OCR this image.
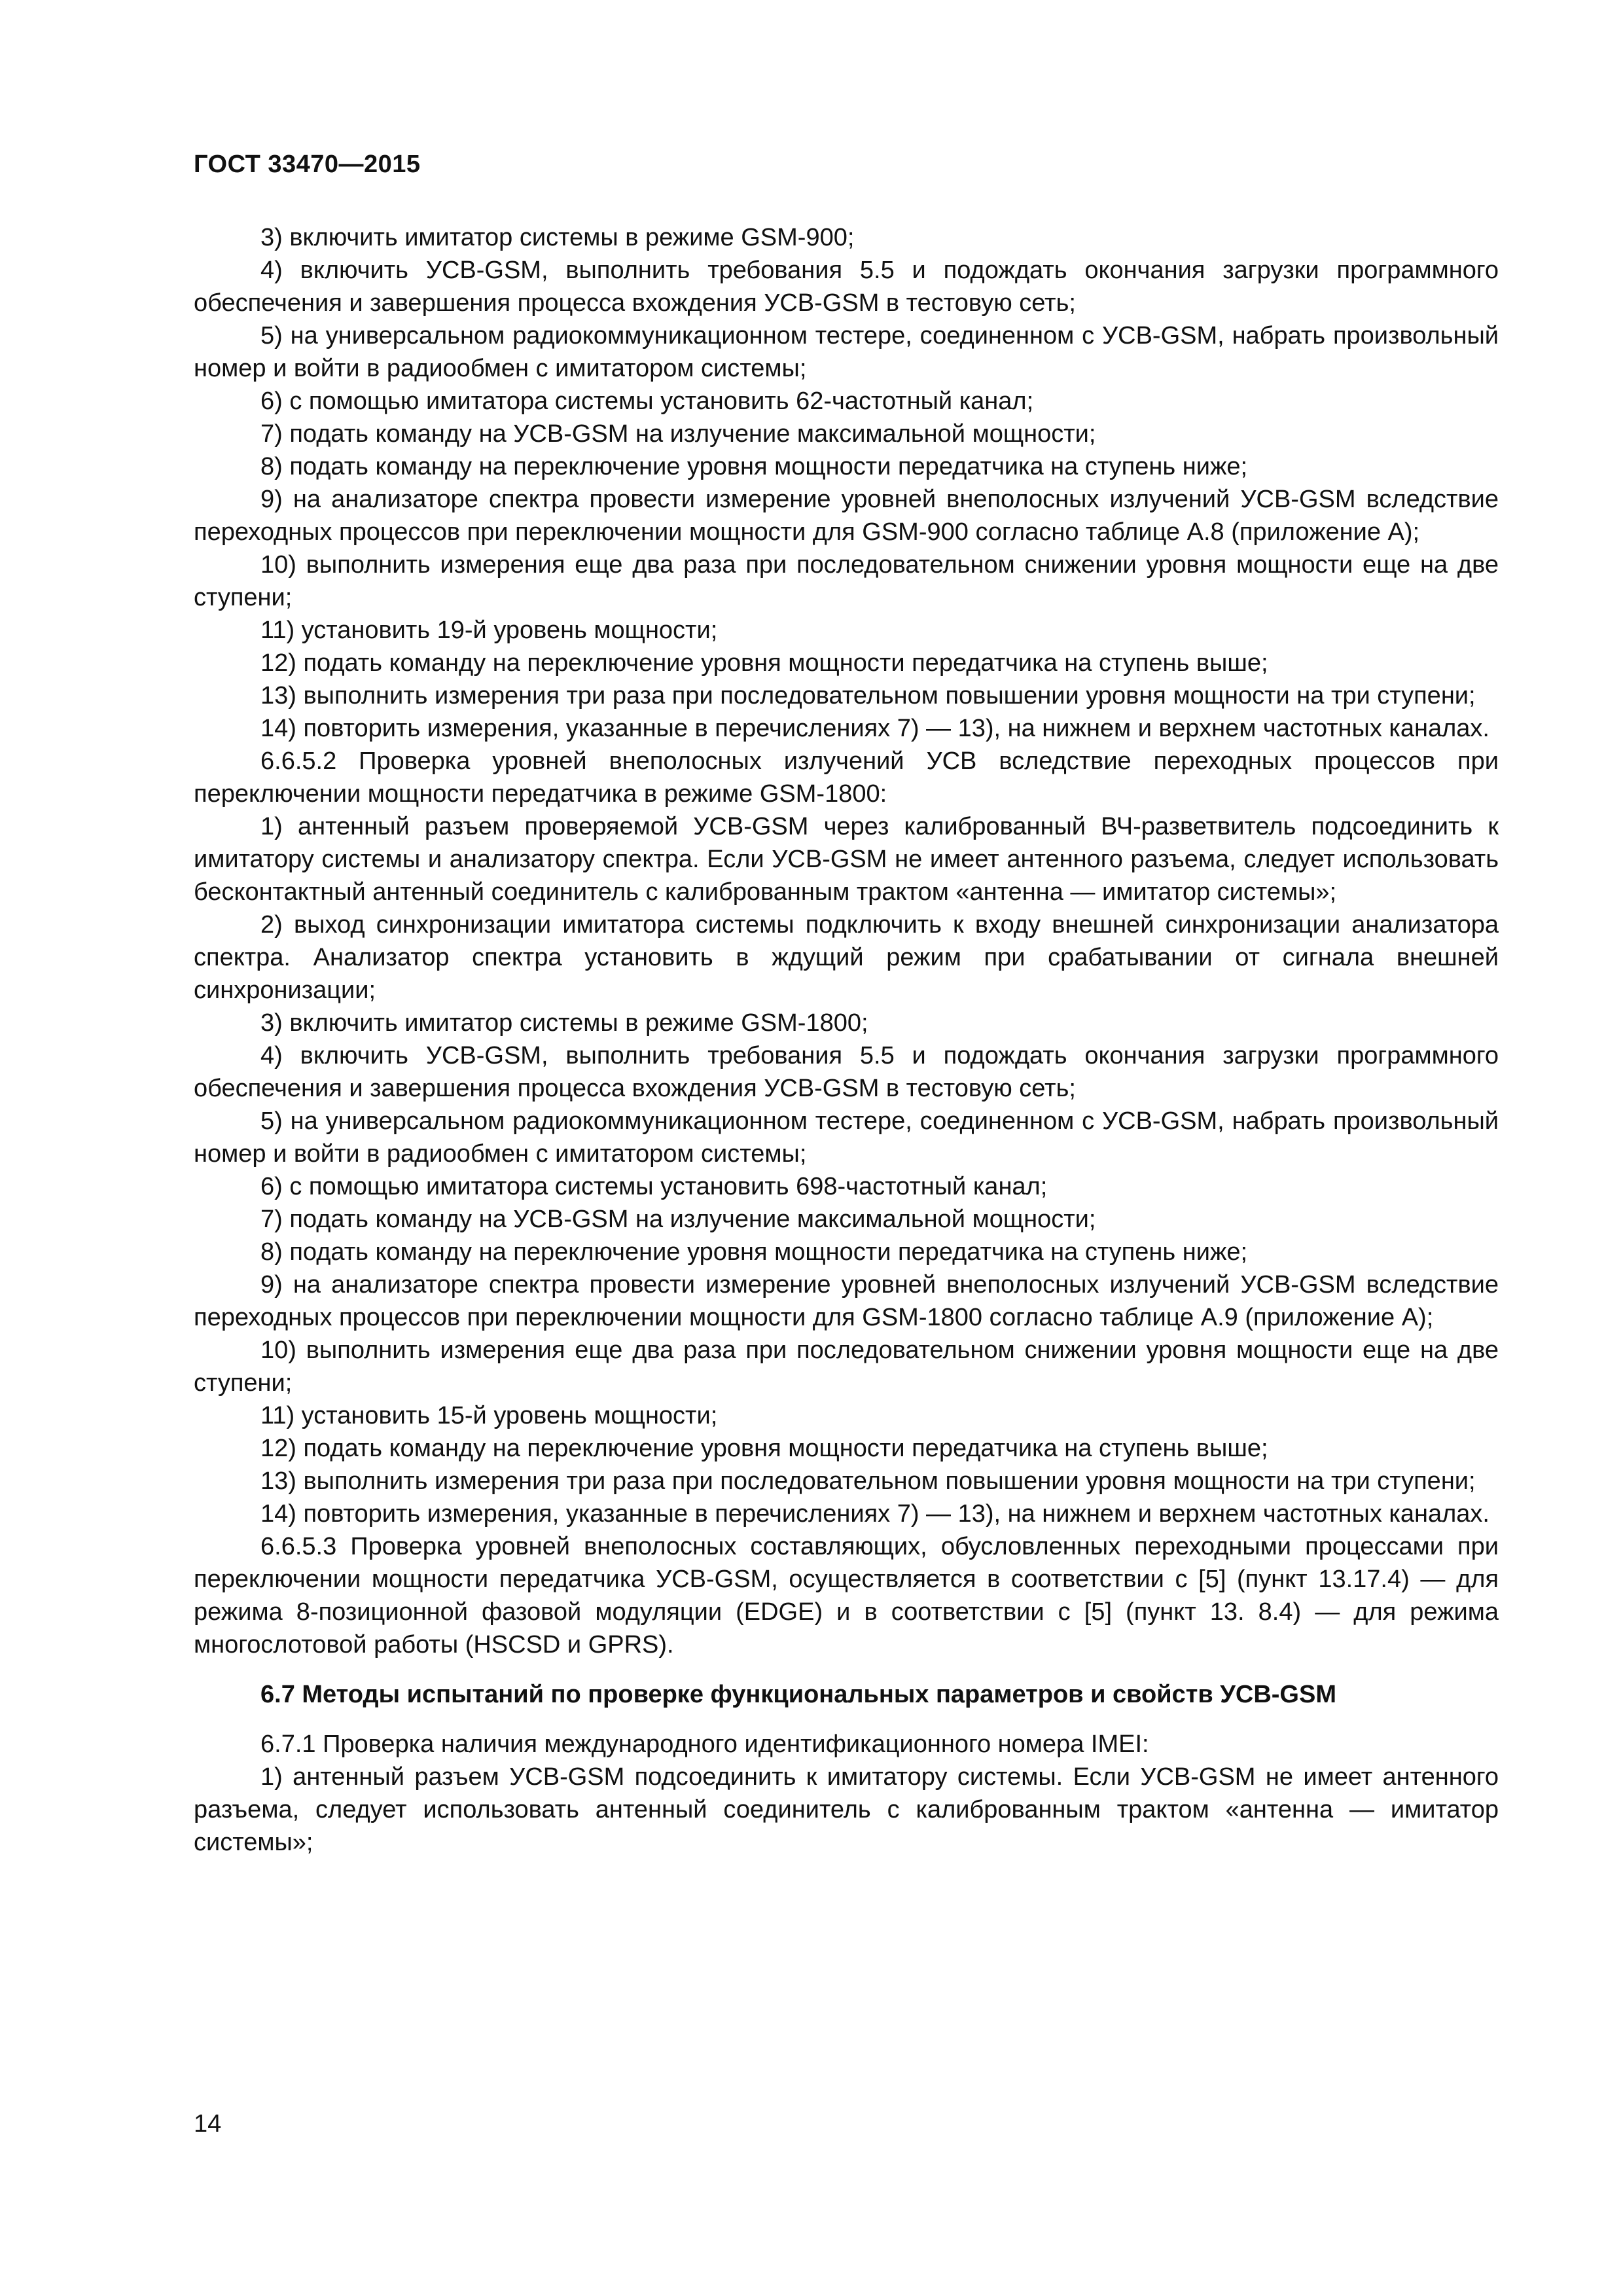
ГОСТ 33470—2015

3) включить имитатор системы в режиме GSM-900;

4) включить УСВ-GSM, выполнить требования 5.5 и подождать окончания загрузки программного обеспечения и завершения процесса вхождения УСВ-GSM в тестовую сеть;

5) на универсальном радиокоммуникационном тестере, соединенном с УСВ-GSM, набрать произвольный номер и войти в радиообмен с имитатором системы;

6) с помощью имитатора системы установить 62-частотный канал;

7) подать команду на УСВ-GSM на излучение максимальной мощности;

8) подать команду на переключение уровня мощности передатчика на ступень ниже;

9) на анализаторе спектра провести измерение уровней внеполосных излучений УСВ-GSM вследствие переходных процессов при переключении мощности для GSM-900 согласно таблице А.8 (приложение А);

10) выполнить измерения еще два раза при последовательном снижении уровня мощности еще на две ступени;

11) установить 19-й уровень мощности;

12) подать команду на переключение уровня мощности передатчика на ступень выше;

13) выполнить измерения три раза при последовательном повышении уровня мощности на три ступени;

14) повторить измерения, указанные в перечислениях 7) — 13), на нижнем и верхнем частотных каналах.

6.6.5.2 Проверка уровней внеполосных излучений УСВ вследствие переходных процессов при переключении мощности передатчика в режиме GSM-1800:

1) антенный разъем проверяемой УСВ-GSM через калиброванный ВЧ-разветвитель подсоединить к имитатору системы и анализатору спектра. Если УСВ-GSM не имеет антенного разъема, следует использовать бесконтактный антенный соединитель с калиброванным трактом «антенна — имитатор системы»;

2) выход синхронизации имитатора системы подключить к входу внешней синхронизации анализатора спектра. Анализатор спектра установить в ждущий режим при срабатывании от сигнала внешней синхронизации;

3) включить имитатор системы в режиме GSM-1800;

4) включить УСВ-GSM, выполнить требования 5.5 и подождать окончания загрузки программного обеспечения и завершения процесса вхождения УСВ-GSM в тестовую сеть;

5) на универсальном радиокоммуникационном тестере, соединенном с УСВ-GSM, набрать произвольный номер и войти в радиообмен с имитатором системы;

6) с помощью имитатора системы установить 698-частотный канал;

7) подать команду на УСВ-GSM на излучение максимальной мощности;

8) подать команду на переключение уровня мощности передатчика на ступень ниже;

9) на анализаторе спектра провести измерение уровней внеполосных излучений УСВ-GSM вследствие переходных процессов при переключении мощности для GSM-1800 согласно таблице А.9 (приложение А);

10) выполнить измерения еще два раза при последовательном снижении уровня мощности еще на две ступени;

11) установить 15-й уровень мощности;

12) подать команду на переключение уровня мощности передатчика на ступень выше;

13) выполнить измерения три раза при последовательном повышении уровня мощности на три ступени;

14) повторить измерения, указанные в перечислениях 7) — 13), на нижнем и верхнем частотных каналах.

6.6.5.3 Проверка уровней внеполосных составляющих, обусловленных переходными процессами при переключении мощности передатчика УСВ-GSM, осуществляется в соответствии с [5] (пункт 13.17.4) — для режима 8-позиционной фазовой модуляции (EDGE) и в соответствии с [5] (пункт 13. 8.4) — для режима многослотовой работы (HSCSD и GPRS).

6.7 Методы испытаний по проверке функциональных параметров и свойств УСВ-GSM

6.7.1 Проверка наличия международного идентификационного номера IMEI:

1) антенный разъем УСВ-GSM подсоединить к имитатору системы. Если УСВ-GSM не имеет антенного разъема, следует использовать антенный соединитель с калиброванным трактом «антенна — имитатор системы»;

14
